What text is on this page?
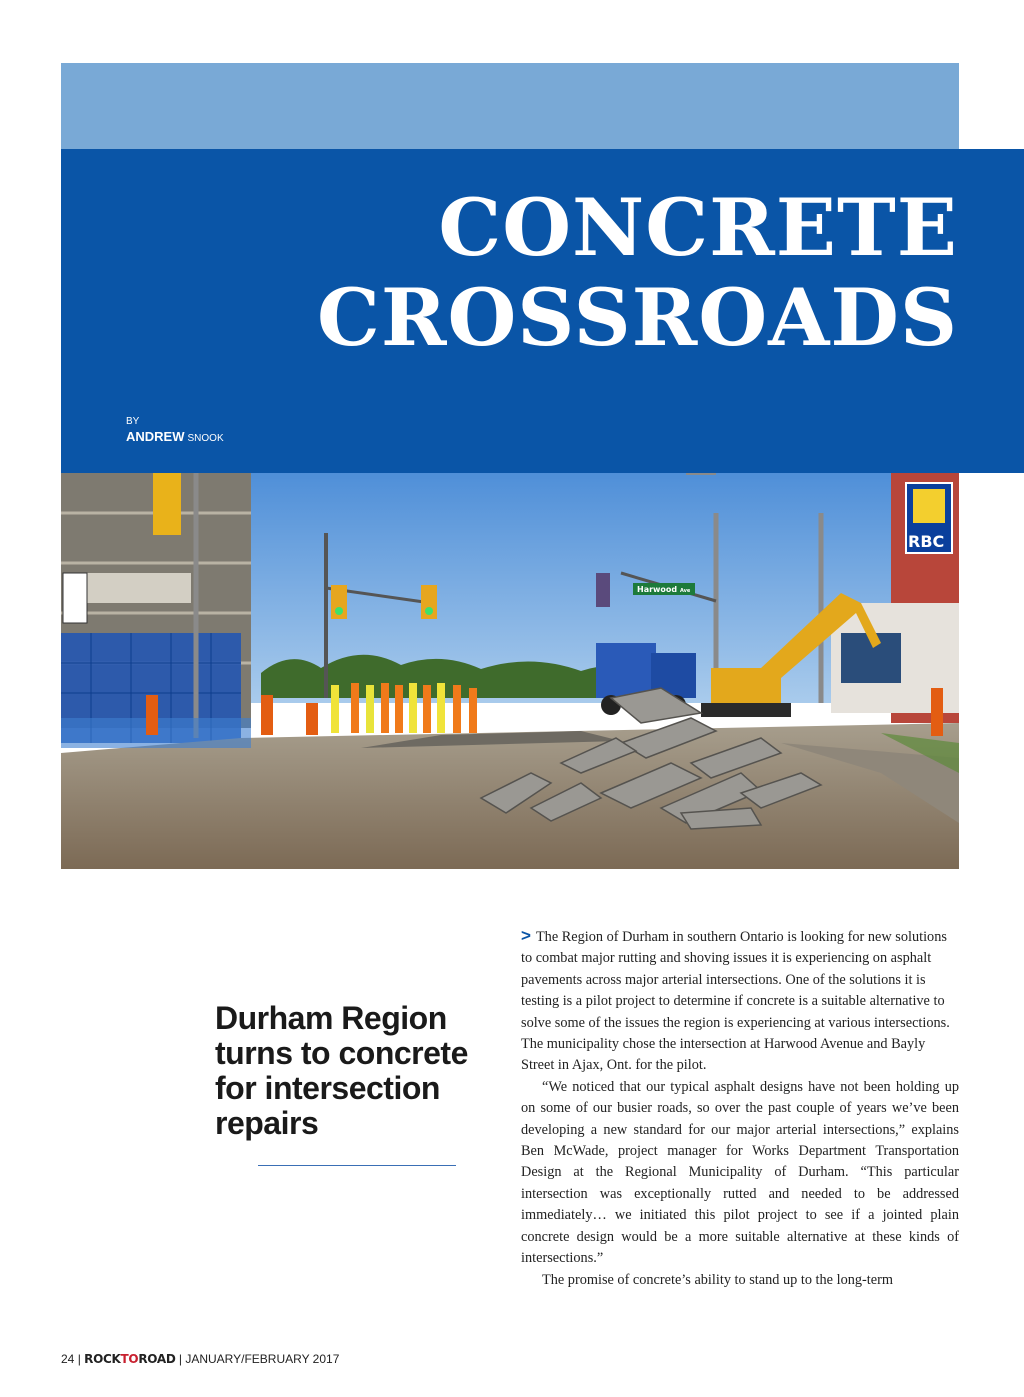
CONCRETE
CROSSROADS
BY
ANDREW SNOOK
Harwood Ave
RBC
Durham Region
turns to concrete
for intersection
repairs

> The Region of Durham in southern Ontario is looking for new solutions to combat major rutting and shoving issues it is experiencing on asphalt pavements across major arterial intersections. One of the solutions it is testing is a pilot project to determine if concrete is a suitable alternative to solve some of the issues the region is experiencing at various intersections. The municipality chose the intersection at Harwood Avenue and Bayly Street in Ajax, Ont. for the pilot.

“We noticed that our typical asphalt designs have not been holding up on some of our busier roads, so over the past couple of years we’ve been developing a new standard for our major arterial intersections,” explains Ben McWade, project manager for Works Department Transportation Design at the Regional Municipality of Durham. “This particular intersection was exceptionally rutted and needed to be addressed immediately… we initiated this pilot project to see if a jointed plain concrete design would be a more suitable alternative at these kinds of intersections.”

The promise of concrete’s ability to stand up to the long-term

24 | ROCKTOROAD | JANUARY/FEBRUARY 2017
